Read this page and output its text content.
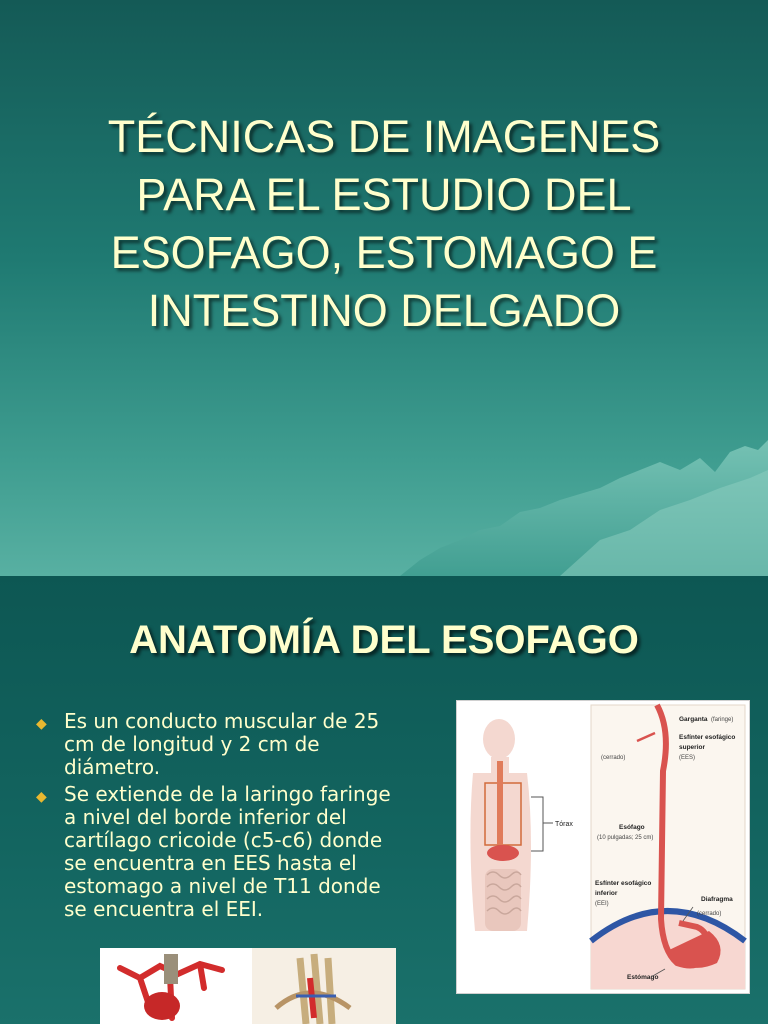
TÉCNICAS DE IMAGENES
PARA EL ESTUDIO DEL
ESOFAGO, ESTOMAGO E
INTESTINO DELGADO
ANATOMÍA DEL ESOFAGO
◆ Es un conducto muscular de 25
cm de longitud y 2 cm de
diámetro.
◆ Se extiende de la laringo faringe
a nivel del borde inferior del
cartílago cricoide (c5-c6) donde
se encuentra en EES hasta el
estomago a nivel de T11 donde
se encuentra el EEI.
Tórax
Garganta (faringe)
(cerrado)
Esfínter esofágico
superior
(EES)
Esófago
(10 pulgadas; 25 cm)
Esfínter esofágico
inferior
(EEI)
Diafragma
(cerrado)
Estómago
